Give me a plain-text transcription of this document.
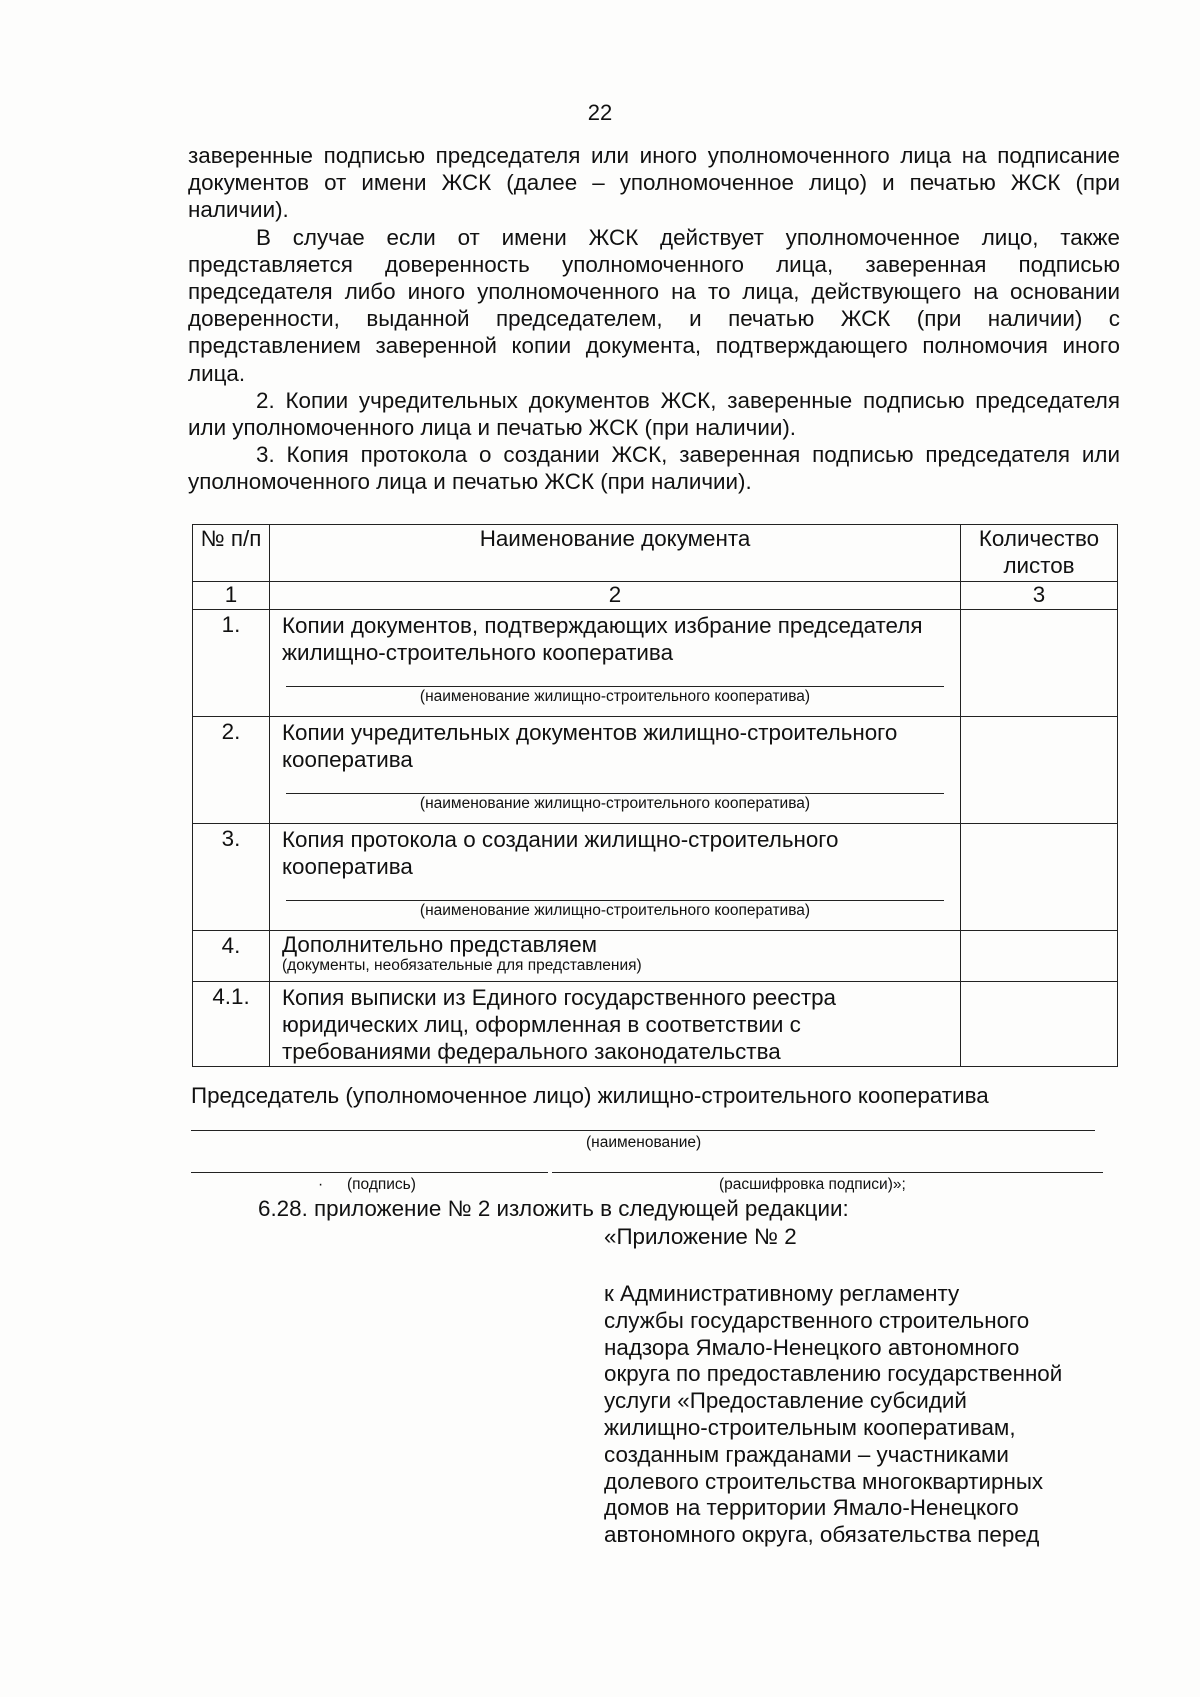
22

заверенные подписью председателя или иного уполномоченного лица на подписание документов от имени ЖСК (далее – уполномоченное лицо) и печатью ЖСК (при наличии).

В случае если от имени ЖСК действует уполномоченное лицо, также представляется доверенность уполномоченного лица, заверенная подписью председателя либо иного уполномоченного на то лица, действующего на основании доверенности, выданной председателем, и печатью ЖСК (при наличии) с представлением заверенной копии документа, подтверждающего полномочия иного лица.

2. Копии учредительных документов ЖСК, заверенные подписью председателя или уполномоченного лица и печатью ЖСК (при наличии).

3. Копия протокола о создании ЖСК, заверенная подписью председателя или уполномоченного лица и печатью ЖСК (при наличии).

№ п/п	Наименование документа	Количество листов
1	2	3
1.	Копии документов, подтверждающих избрание председателя жилищно-строительного кооператива
(наименование жилищно-строительного кооператива)	

2.	Копии учредительных документов жилищно-строительного кооператива
(наименование жилищно-строительного кооператива)	

3.	Копия протокола о создании жилищно-строительного кооператива
(наименование жилищно-строительного кооператива)	

4.	Дополнительно представляем
(документы, необязательные для представления)	

4.1.	Копия выписки из Единого государственного реестра юридических лиц, оформленная в соответствии с требованиями федерального законодательства	

Председатель (уполномоченное лицо) жилищно-строительного кооператива
(наименование)
· (подпись)	(расшифровка подписи)»;
6.28. приложение № 2 изложить в следующей редакции:
«Приложение № 2
к Административному регламенту
службы государственного строительного
надзора Ямало-Ненецкого автономного
округа по предоставлению государственной
услуги «Предоставление субсидий
жилищно-строительным кооперативам,
созданным гражданами – участниками
долевого строительства многоквартирных
домов на территории Ямало-Ненецкого
автономного округа, обязательства перед
